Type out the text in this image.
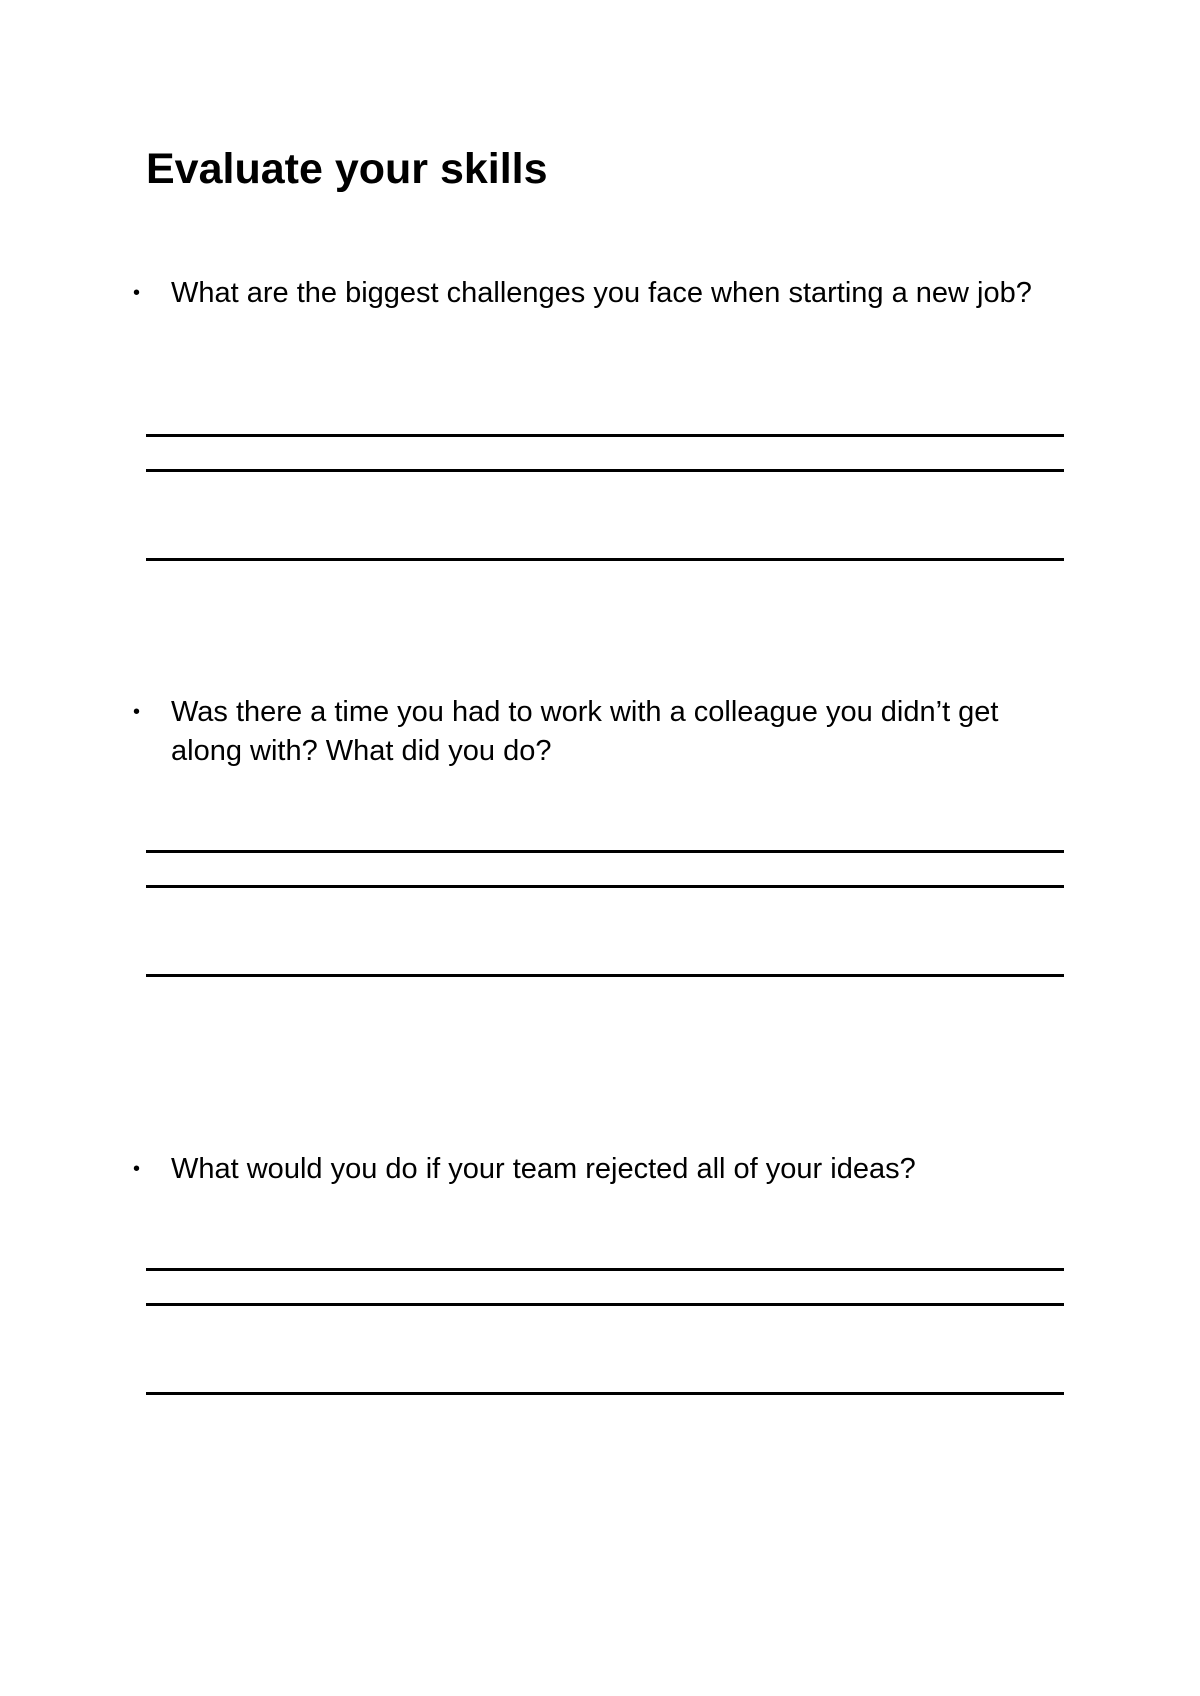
Evaluate your skills
•	What are the biggest challenges you face when starting a new job?
•	Was there a time you had to work with a colleague you didn’t get along with? What did you do?
•	What would you do if your team rejected all of your ideas?
